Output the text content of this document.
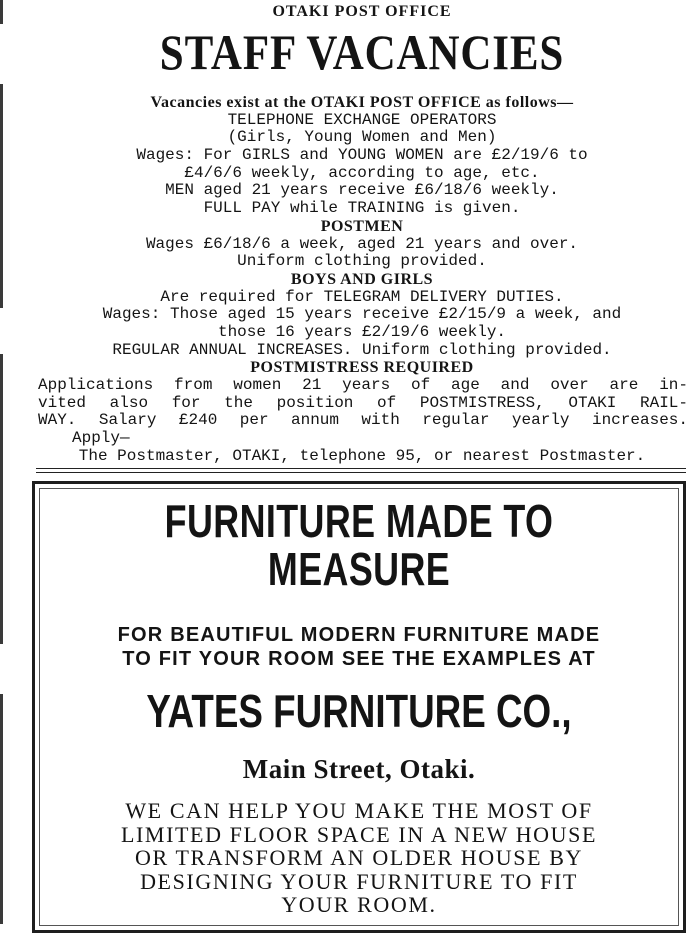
OTAKI POST OFFICE

STAFF VACANCIES
Vacancies exist at the OTAKI POST OFFICE as follows—
TELEPHONE EXCHANGE OPERATORS
(Girls, Young Women and Men)
Wages: For GIRLS and YOUNG WOMEN are £2/19/6 to
£4/6/6 weekly, according to age, etc.
MEN aged 21 years receive £6/18/6 weekly.
FULL PAY while TRAINING is given.
POSTMEN
Wages £6/18/6 a week, aged 21 years and over.
Uniform clothing provided.
BOYS AND GIRLS
Are required for TELEGRAM DELIVERY DUTIES.
Wages: Those aged 15 years receive £2/15/9 a week, and
those 16 years £2/19/6 weekly.
REGULAR ANNUAL INCREASES. Uniform clothing provided.
POSTMISTRESS REQUIRED
Applications from women 21 years of age and over are in-
vited also for the position of POSTMISTRESS, OTAKI RAIL-
WAY. Salary £240 per annum with regular yearly increases.
Apply—
The Postmaster, OTAKI, telephone 95, or nearest Postmaster.
FURNITURE MADE TO
MEASURE
FOR BEAUTIFUL MODERN FURNITURE MADE
TO FIT YOUR ROOM SEE THE EXAMPLES AT
YATES FURNITURE CO.,
Main Street, Otaki.
WE CAN HELP YOU MAKE THE MOST OF
LIMITED FLOOR SPACE IN A NEW HOUSE
OR TRANSFORM AN OLDER HOUSE BY
DESIGNING YOUR FURNITURE TO FIT
YOUR ROOM.
